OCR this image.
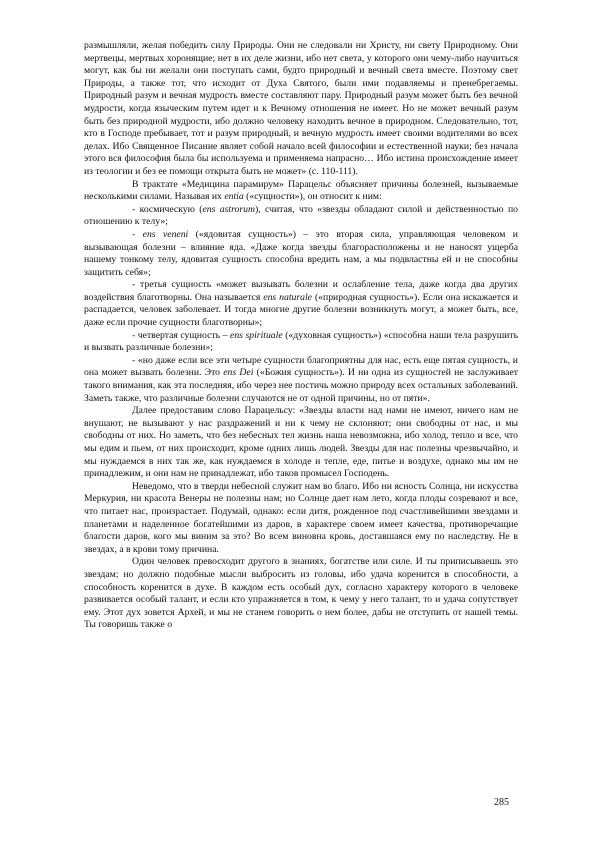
размышляли, желая победить силу Природы. Они не следовали ни Христу, ни свету Природному. Они мертвецы, мертвых хоронящие; нет в их деле жизни, ибо нет света, у которого они чему-либо научиться могут, как бы ни желали они поступать сами, будто природный и вечный света вместе. Поэтому свет Природы, а также тот, что исходит от Духа Святого, были ими подавляемы и пренебрегаемы. Природный разум и вечная мудрость вместе составляют пару. Природный разум может быть без вечной мудрости, когда языческим путем идет и к Вечному отношения не имеет. Но не может вечный разум быть без природной мудрости, ибо должно человеку находить вечное в природном. Следовательно, тот, кто в Господе пребывает, тот и разум природный, и вечную мудрость имеет своими водителями во всех делах. Ибо Священное Писание являет собой начало всей философии и естественной науки; без начала этого вся философия была бы используема и применяема напрасно… Ибо истина происхождение имеет из теологии и без ее помощи открыта быть не может» (с. 110-111).

В трактате «Медицина парамирум» Парацельс объясняет причины болезней, вызываемые несколькими силами. Называя их entia («сущности»), он относит к ним:

- космическую (ens astrorum), считая, что «звезды обладают силой и действенностью по отношению к телу»;

- ens veneni («ядовитая сущность») – это вторая сила, управляющая человеком и вызывающая болезни – влияние яда. «Даже когда звезды благорасположены и не наносят ущерба нашему тонкому телу, ядовитая сущность способна вредить нам, а мы подвластны ей и не способны защитить себя»;

- третья сущность «может вызывать болезни и ослабление тела, даже когда два других воздействия благотворны. Она называется ens naturale («природная сущность»). Если она искажается и распадается, человек заболевает. И тогда многие другие болезни возникнуть могут, а может быть, все, даже если прочие сущности благотворны»;

- четвертая сущность – ens spirituale («духовная сущность») «способна наши тела разрушить и вызвать различные болезни»;

- «но даже если все эти четыре сущности благоприятны для нас, есть еще пятая сущность, и она может вызвать болезни. Это ens Dei («Божия сущность»). И ни одна из сущностей не заслуживает такого внимания, как эта последняя, ибо через нее постичь можно природу всех остальных заболеваний. Заметь также, что различные болезни случаются не от одной причины, но от пяти».

Далее предоставим слово Парацельсу: «Звезды власти над нами не имеют, ничего нам не внушают, не вызывают у нас раздражений и ни к чему не склоняют; они свободны от нас, и мы свободны от них. Но заметь, что без небесных тел жизнь наша невозможна, ибо холод, тепло и все, что мы едим и пьем, от них происходит, кроме одних лишь людей. Звезды для нас полезны чрезвычайно, и мы нуждаемся в них так же, как нуждаемся в холоде и тепле, еде, питье и воздухе, однако мы им не принадлежим, и они нам не принадлежат, ибо таков промысел Господень.

Неведомо, что в тверди небесной служит нам во благо. Ибо ни ясность Солнца, ни искусства Меркурия, ни красота Венеры не полезны нам; но Солнце дает нам лето, когда плоды созревают и все, что питает нас, произрастает. Подумай, однако: если дитя, рожденное под счастливейшими звездами и планетами и наделенное богатейшими из даров, в характере своем имеет качества, противоречащие благости даров, кого мы виним за это? Во всем виновна кровь, доставшаяся ему по наследству. Не в звездах, а в крови тому причина.

Один человек превосходит другого в знаниях, богатстве или силе. И ты приписываешь это звездам; но должно подобные мысли выбросить из головы, ибо удача коренится в способности, а способность коренится в духе. В каждом есть особый дух, согласно характеру которого в человеке развивается особый талант, и если кто упражняется в том, к чему у него талант, то и удача сопутствует ему. Этот дух зовется Архей, и мы не станем говорить о нем более, дабы не отступить от нашей темы. Ты говоришь также о

285
